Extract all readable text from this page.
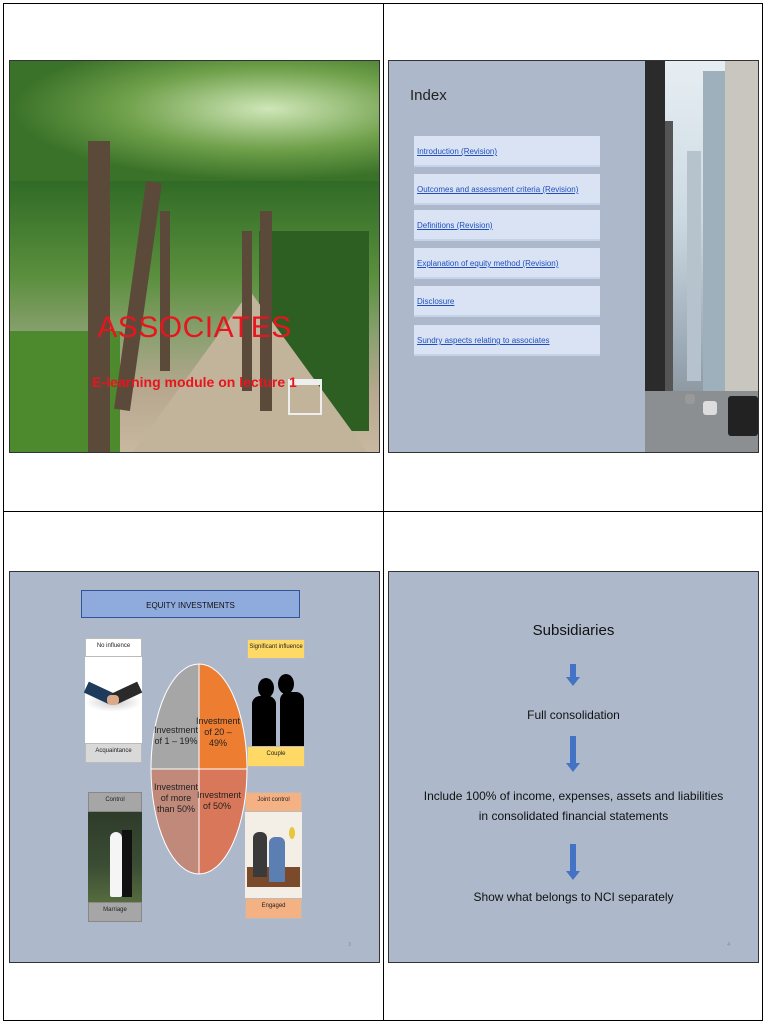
ASSOCIATES
E-learning module on lecture 1
Index
Introduction (Revision)
Outcomes and assessment criteria (Revision)
Definitions (Revision)
Explanation of equity method (Revision)
Disclosure
Sundry aspects relating to associates
EQUITY INVESTMENTS
No influence
Acquaintance
Significant influence
Couple
Control
Marriage
Joint control
Engaged
Investment of 1 – 19%
Investment of 20 – 49%
Investment of more than 50%
Investment of 50%
3
Subsidiaries
Full consolidation
Include 100% of income, expenses, assets and liabilities
in consolidated financial statements
Show what belongs to NCI separately
4
